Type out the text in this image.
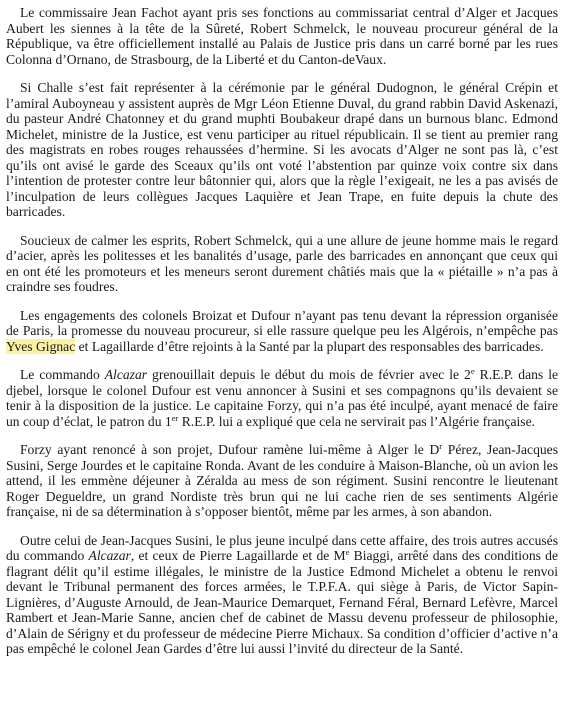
Le commissaire Jean Fachot ayant pris ses fonctions au commissariat central d’Alger et Jacques Aubert les siennes à la tête de la Sûreté, Robert Schmelck, le nouveau procureur général de la République, va être officiellement installé au Palais de Justice pris dans un carré borné par les rues Colonna d’Ornano, de Strasbourg, de la Liberté et du Canton-deVaux.

Si Challe s’est fait représenter à la cérémonie par le général Dudognon, le général Crépin et l’amiral Auboyneau y assistent auprès de Mgr Léon Etienne Duval, du grand rabbin David Askenazi, du pasteur André Chatonney et du grand muphti Boubakeur drapé dans un burnous blanc. Edmond Michelet, ministre de la Justice, est venu participer au rituel républicain. Il se tient au premier rang des magistrats en robes rouges rehaussées d’hermine. Si les avocats d’Alger ne sont pas là, c’est qu’ils ont avisé le garde des Sceaux qu’ils ont voté l’abstention par quinze voix contre six dans l’intention de protester contre leur bâtonnier qui, alors que la règle l’exigeait, ne les a pas avisés de l’inculpation de leurs collègues Jacques Laquière et Jean Trape, en fuite depuis la chute des barricades.

Soucieux de calmer les esprits, Robert Schmelck, qui a une allure de jeune homme mais le regard d’acier, après les politesses et les banalités d’usage, parle des barricades en annonçant que ceux qui en ont été les promoteurs et les meneurs seront durement châtiés mais que la « piétaille » n’a pas à craindre ses foudres.

Les engagements des colonels Broizat et Dufour n’ayant pas tenu devant la répression organisée de Paris, la promesse du nouveau procureur, si elle rassure quelque peu les Algérois, n’empêche pas Yves Gignac et Lagaillarde d’être rejoints à la Santé par la plupart des responsables des barricades.

Le commando Alcazar grenouillait depuis le début du mois de février avec le 2e R.E.P. dans le djebel, lorsque le colonel Dufour est venu annoncer à Susini et ses compagnons qu’ils devaient se tenir à la disposition de la justice. Le capitaine Forzy, qui n’a pas été inculpé, ayant menacé de faire un coup d’éclat, le patron du 1er R.E.P. lui a expliqué que cela ne servirait pas l’Algérie française.

Forzy ayant renoncé à son projet, Dufour ramène lui-même à Alger le $D^r$ Pérez, Jean-Jacques Susini, Serge Jourdes et le capitaine Ronda. Avant de les conduire à Maison-Blanche, où un avion les attend, il les emmène déjeuner à Zéralda au mess de son régiment. Susini rencontre le lieutenant Roger Degueldre, un grand Nordiste très brun qui ne lui cache rien de ses sentiments Algérie française, ni de sa détermination à s’opposer bientôt, même par les armes, à son abandon.

Outre celui de Jean-Jacques Susini, le plus jeune inculpé dans cette affaire, des trois autres accusés du commando Alcazar, et ceux de Pierre Lagaillarde et de Me Biaggi, arrêté dans des conditions de flagrant délit qu’il estime illégales, le ministre de la Justice Edmond Michelet a obtenu le renvoi devant le Tribunal permanent des forces armées, le T.P.F.A. qui siège à Paris, de Victor Sapin-Lignières, d’Auguste Arnould, de Jean-Maurice Demarquet, Fernand Féral, Bernard Lefèvre, Marcel Rambert et Jean-Marie Sanne, ancien chef de cabinet de Massu devenu professeur de philosophie, d’Alain de Sérigny et du professeur de médecine Pierre Michaux. Sa condition d’officier d’active n’a pas empêché le colonel Jean Gardes d’être lui aussi l’invité du directeur de la Santé.
